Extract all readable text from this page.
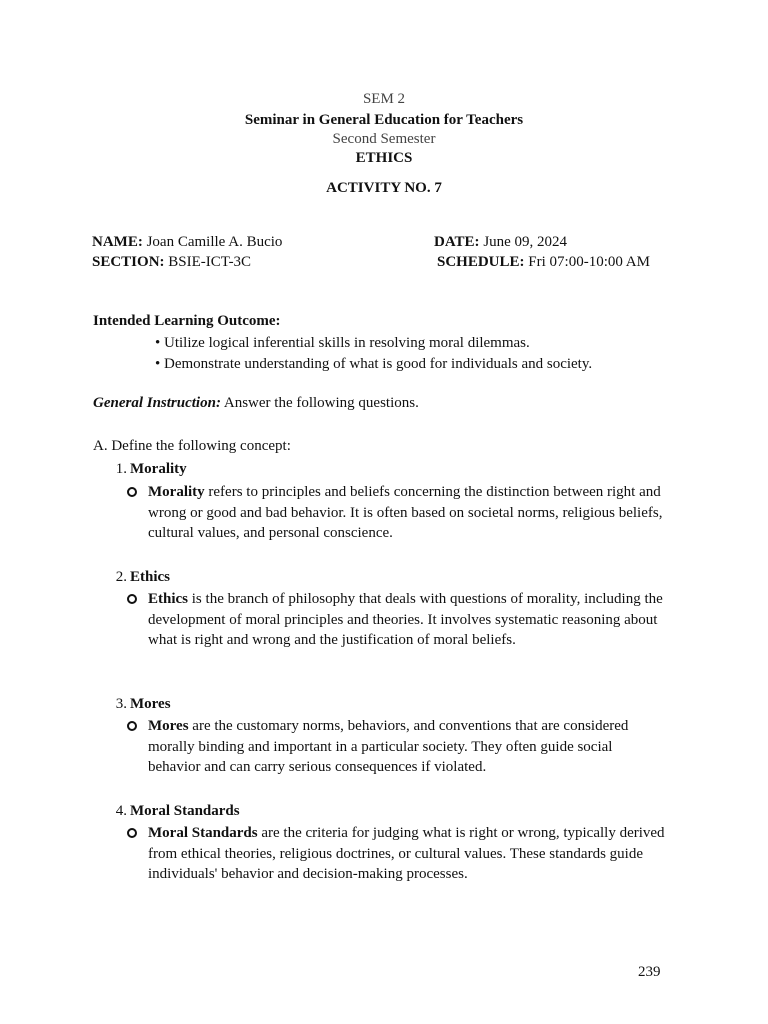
SEM 2
Seminar in General Education for Teachers
Second Semester
ETHICS
ACTIVITY NO. 7
NAME: Joan Camille A. Bucio	DATE: June 09, 2024
SECTION: BSIE-ICT-3C	SCHEDULE: Fri 07:00-10:00 AM
Intended Learning Outcome:
• Utilize logical inferential skills in resolving moral dilemmas.
• Demonstrate understanding of what is good for individuals and society.
General Instruction: Answer the following questions.
A. Define the following concept:
1. Morality
Morality refers to principles and beliefs concerning the distinction between right and wrong or good and bad behavior. It is often based on societal norms, religious beliefs, cultural values, and personal conscience.
2. Ethics
Ethics is the branch of philosophy that deals with questions of morality, including the development of moral principles and theories. It involves systematic reasoning about what is right and wrong and the justification of moral beliefs.
3. Mores
Mores are the customary norms, behaviors, and conventions that are considered morally binding and important in a particular society. They often guide social behavior and can carry serious consequences if violated.
4. Moral Standards
Moral Standards are the criteria for judging what is right or wrong, typically derived from ethical theories, religious doctrines, or cultural values. These standards guide individuals' behavior and decision-making processes.
239
